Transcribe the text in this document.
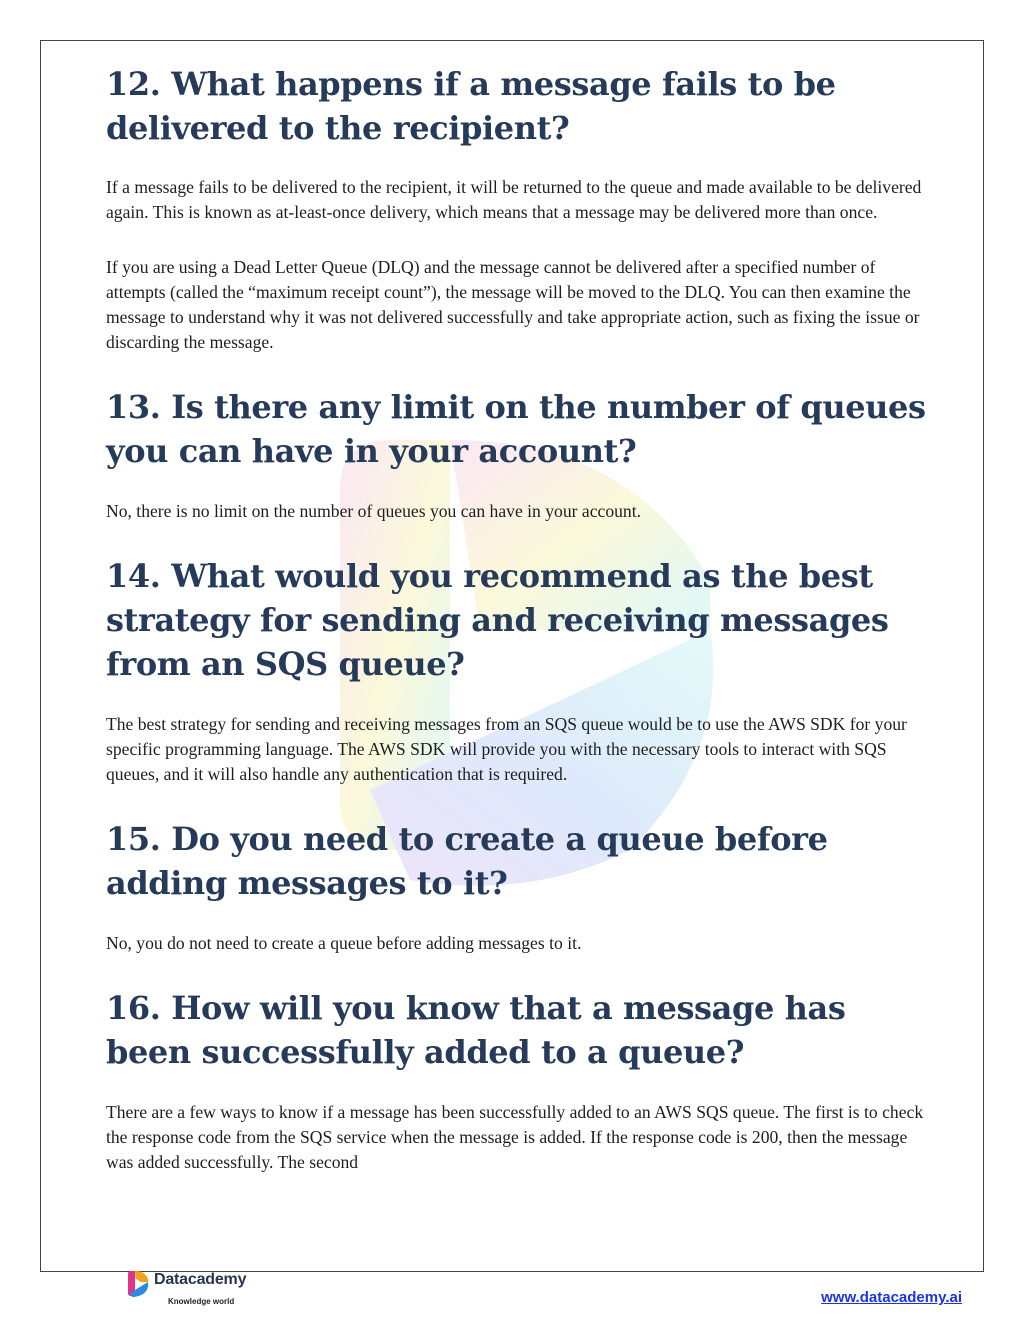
12. What happens if a message fails to be delivered to the recipient?

If a message fails to be delivered to the recipient, it will be returned to the queue and made available to be delivered again. This is known as at-least-once delivery, which means that a message may be delivered more than once.

If you are using a Dead Letter Queue (DLQ) and the message cannot be delivered after a specified number of attempts (called the “maximum receipt count”), the message will be moved to the DLQ. You can then examine the message to understand why it was not delivered successfully and take appropriate action, such as fixing the issue or discarding the message.

13. Is there any limit on the number of queues you can have in your account?

No, there is no limit on the number of queues you can have in your account.

14. What would you recommend as the best strategy for sending and receiving messages from an SQS queue?

The best strategy for sending and receiving messages from an SQS queue would be to use the AWS SDK for your specific programming language. The AWS SDK will provide you with the necessary tools to interact with SQS queues, and it will also handle any authentication that is required.

15. Do you need to create a queue before adding messages to it?

No, you do not need to create a queue before adding messages to it.

16. How will you know that a message has been successfully added to a queue?

There are a few ways to know if a message has been successfully added to an AWS SQS queue. The first is to check the response code from the SQS service when the message is added. If the response code is 200, then the message was added successfully. The second

Datacademy
Knowledge world	www.datacademy.ai
